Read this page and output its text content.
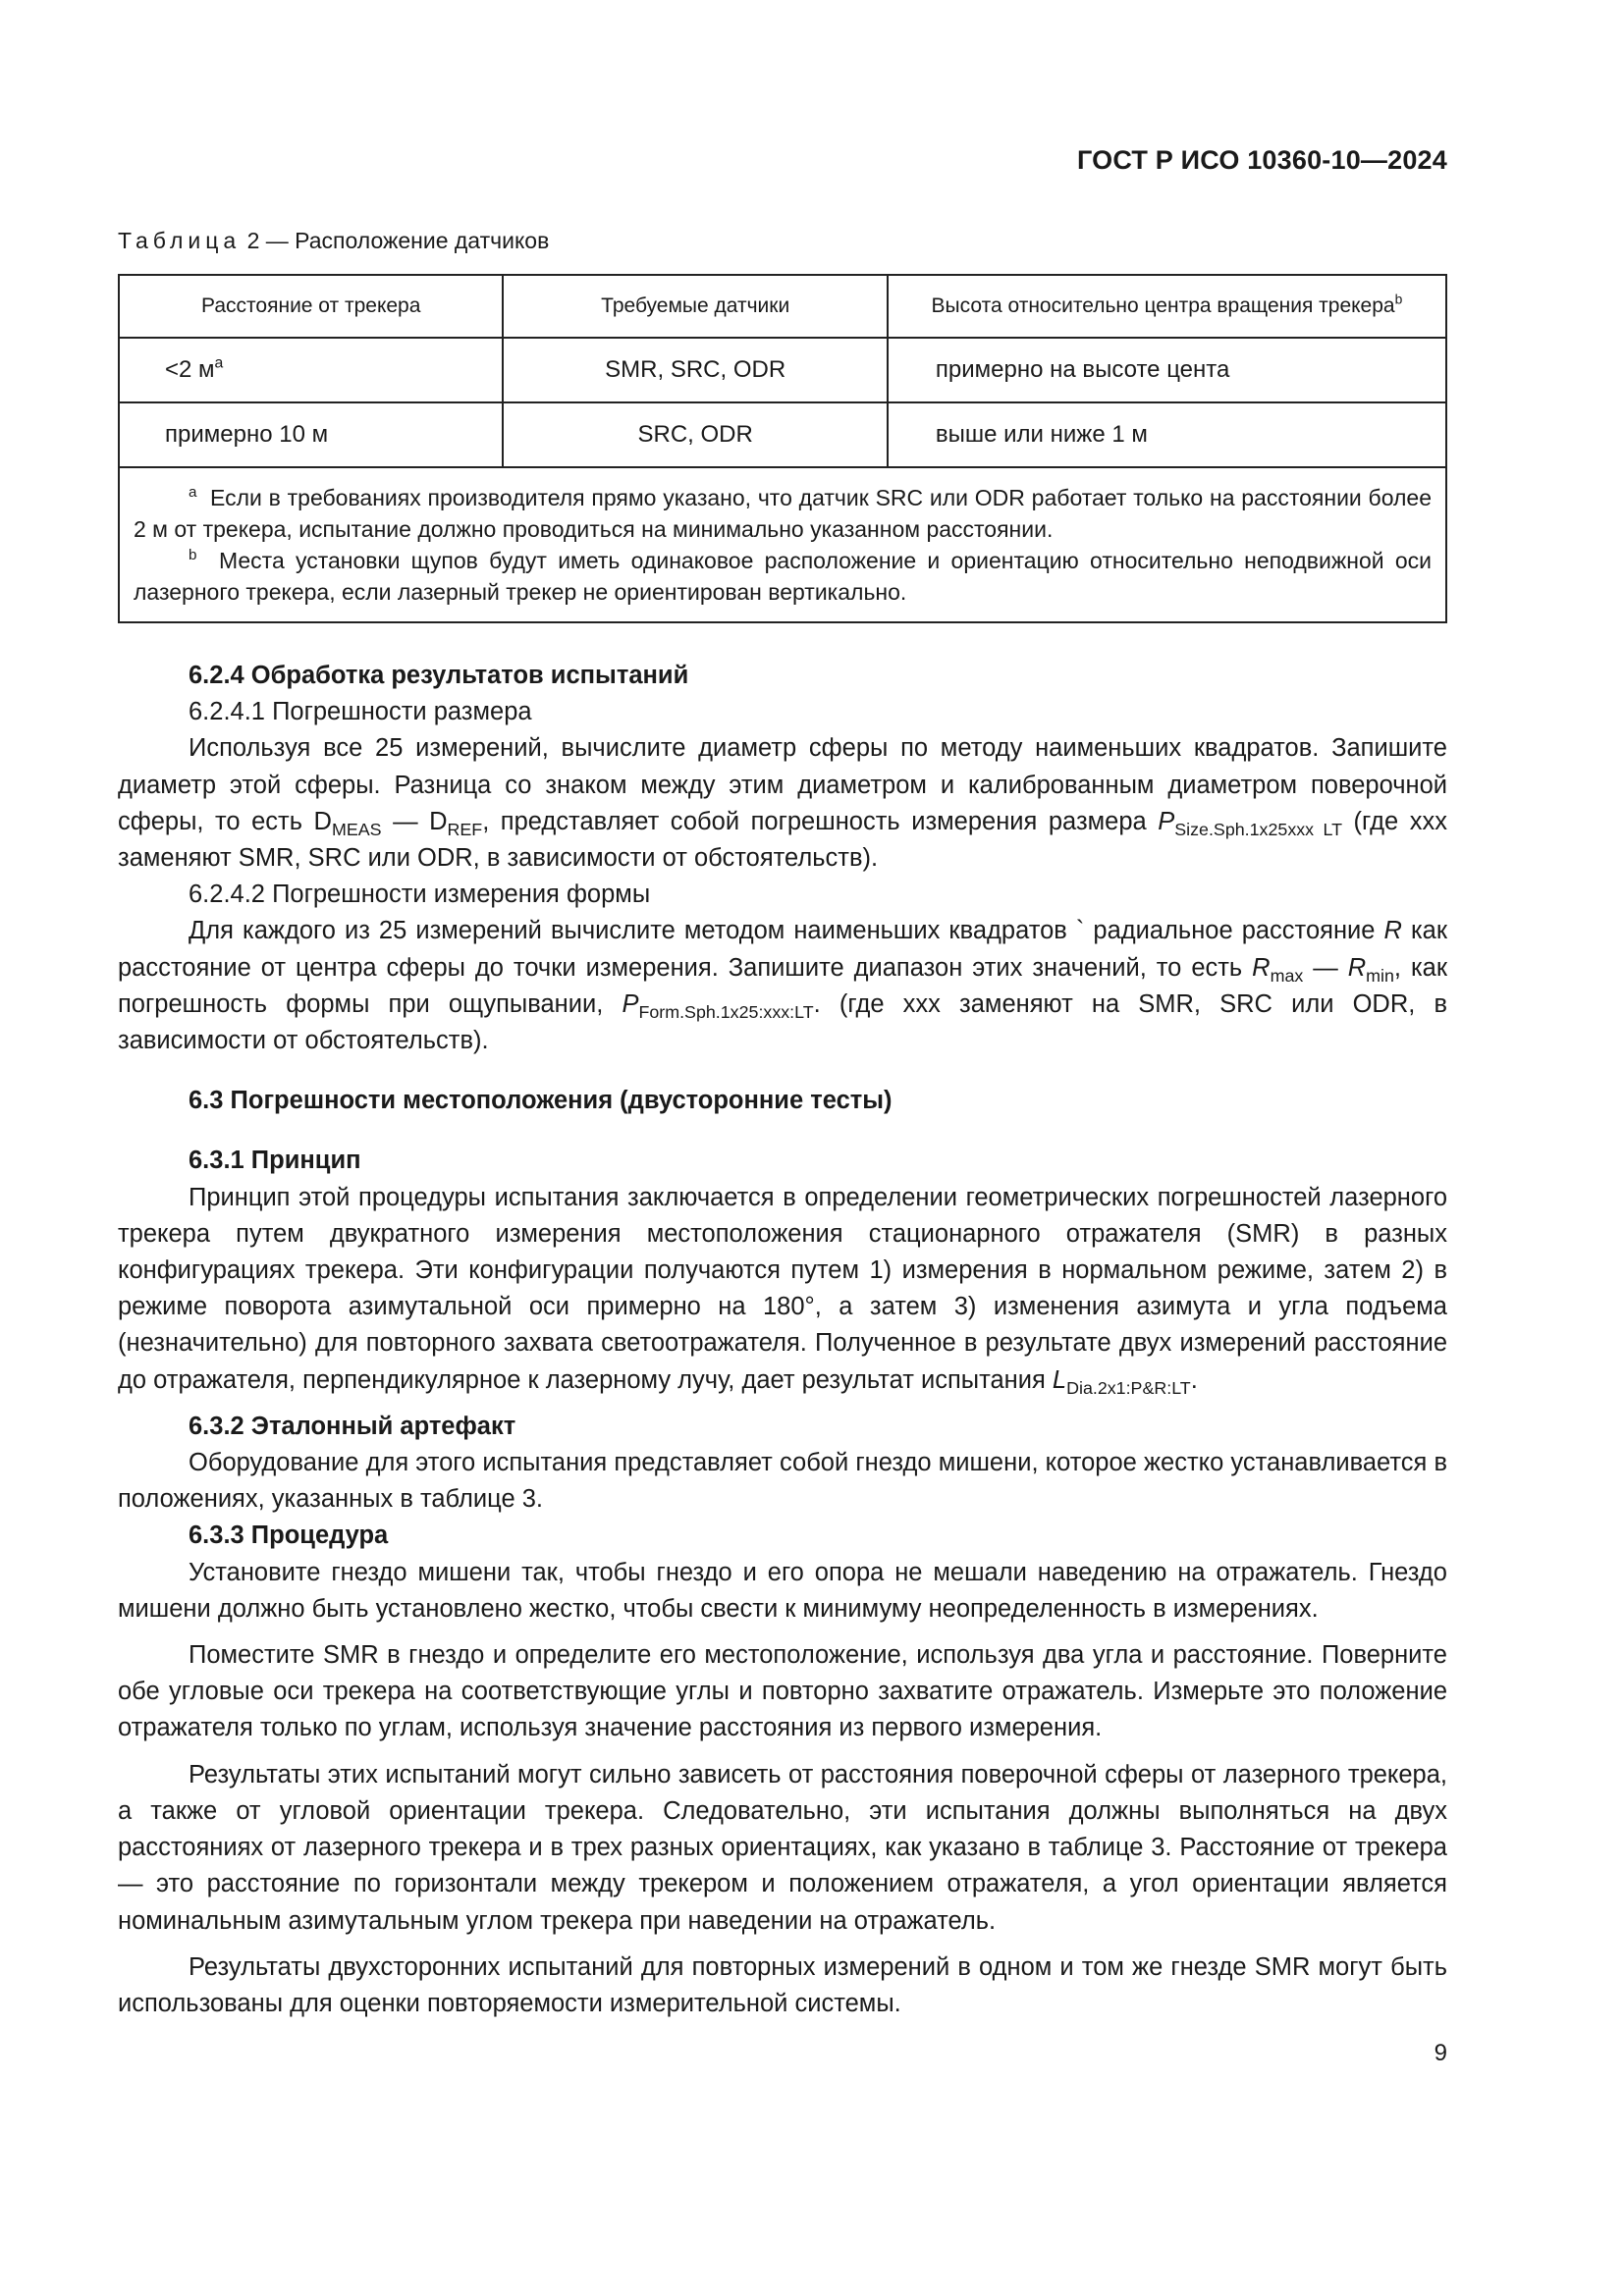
ГОСТ Р ИСО 10360-10—2024
Таблица 2 — Расположение датчиков
Расстояние от трекера	Требуемые датчики	Высота относительно центра вращения трекера$^b$
<2 $м^a$	SMR, SRC, ODR	примерно на высоте цента
примерно 10 м	SRC, ODR	выше или ниже 1 м

$^a$ Если в требованиях производителя прямо указано, что датчик SRC или ODR работает только на расстоянии более 2 м от трекера, испытание должно проводиться на минимально указанном расстоянии.

$^b$ Места установки щупов будут иметь одинаковое расположение и ориентацию относительно неподвижной оси лазерного трекера, если лазерный трекер не ориентирован вертикально.		

6.2.4 Обработка результатов испытаний

6.2.4.1 Погрешности размера

Используя все 25 измерений, вычислите диаметр сферы по методу наименьших квадратов. Запишите диаметр этой сферы. Разница со знаком между этим диаметром и калиброванным диаметром поверочной сферы, то есть $D_{MEAS}$ — $D_{REF}$, представляет собой погрешность измерения размера $P_{Size.Sph.1x25xxx LT}$ (где xxx заменяют SMR, SRC или ODR, в зависимости от обстоятельств).

6.2.4.2 Погрешности измерения формы

Для каждого из 25 измерений вычислите методом наименьших квадратов ` радиальное расстояние R как расстояние от центра сферы до точки измерения. Запишите диапазон этих значений, то есть $R_{max}$ — $R_{min}$, как погрешность формы при ощупывании, $P_{Form.Sph.1x25:xxx:LT}$. (где xxx заменяют на SMR, SRC или ODR, в зависимости от обстоятельств).

6.3 Погрешности местоположения (двусторонние тесты)
6.3.1 Принцип

Принцип этой процедуры испытания заключается в определении геометрических погрешностей лазерного трекера путем двукратного измерения местоположения стационарного отражателя (SMR) в разных конфигурациях трекера. Эти конфигурации получаются путем 1) измерения в нормальном режиме, затем 2) в режиме поворота азимутальной оси примерно на 180°, а затем 3) изменения азимута и угла подъема (незначительно) для повторного захвата светоотражателя. Полученное в результате двух измерений расстояние до отражателя, перпендикулярное к лазерному лучу, дает результат испытания $L_{Dia.2x1:P\&R:LT}$.

6.3.2 Эталонный артефакт

Оборудование для этого испытания представляет собой гнездо мишени, которое жестко устанавливается в положениях, указанных в таблице 3.

6.3.3 Процедура

Установите гнездо мишени так, чтобы гнездо и его опора не мешали наведению на отражатель. Гнездо мишени должно быть установлено жестко, чтобы свести к минимуму неопределенность в измерениях.

Поместите SMR в гнездо и определите его местоположение, используя два угла и расстояние. Поверните обе угловые оси трекера на соответствующие углы и повторно захватите отражатель. Измерьте это положение отражателя только по углам, используя значение расстояния из первого измерения.

Результаты этих испытаний могут сильно зависеть от расстояния поверочной сферы от лазерного трекера, а также от угловой ориентации трекера. Следовательно, эти испытания должны выполняться на двух расстояниях от лазерного трекера и в трех разных ориентациях, как указано в таблице 3. Расстояние от трекера — это расстояние по горизонтали между трекером и положением отражателя, а угол ориентации является номинальным азимутальным углом трекера при наведении на отражатель.

Результаты двухсторонних испытаний для повторных измерений в одном и том же гнезде SMR могут быть использованы для оценки повторяемости измерительной системы.

9
